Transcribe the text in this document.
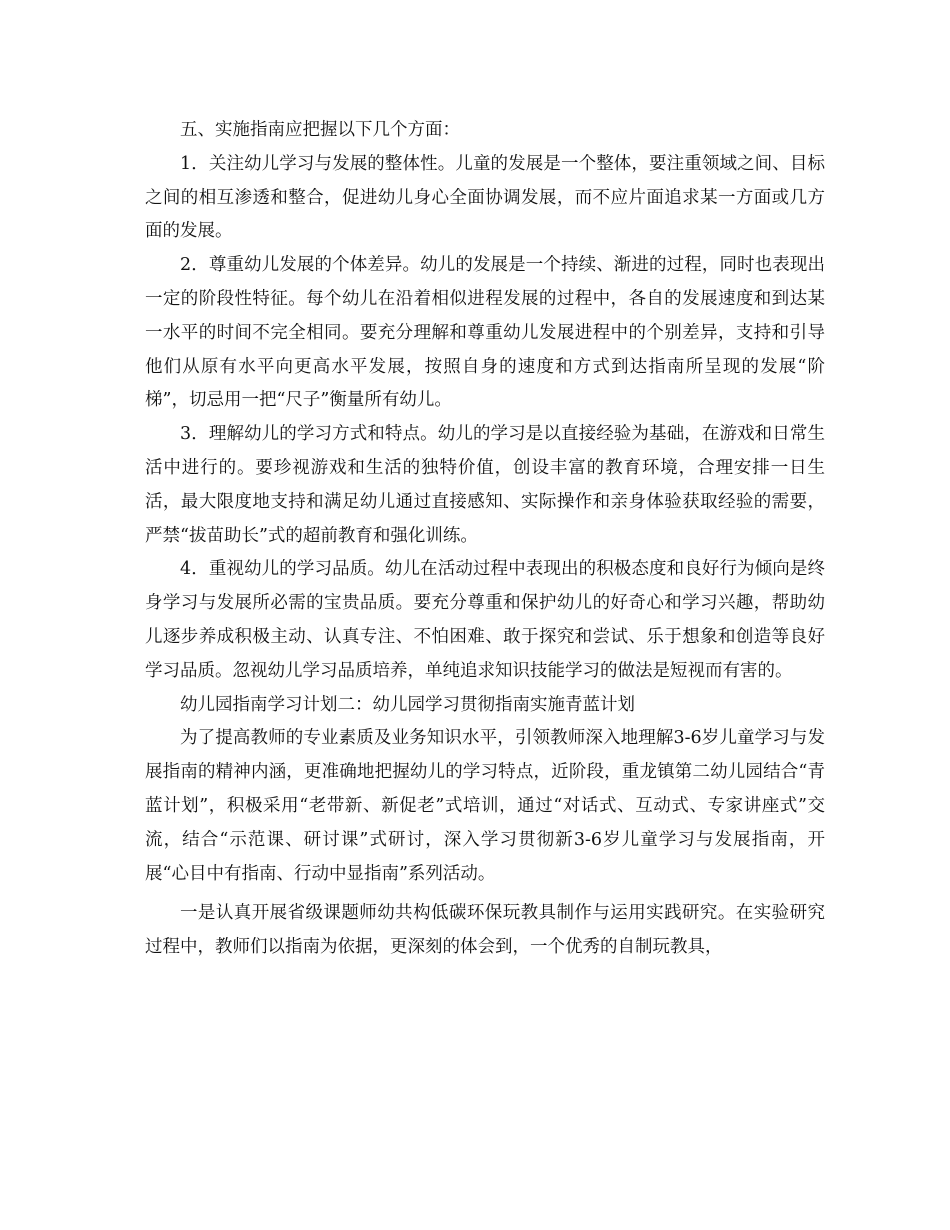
五、实施指南应把握以下几个方面：

1．关注幼儿学习与发展的整体性。儿童的发展是一个整体，要注重领域之间、目标之间的相互渗透和整合，促进幼儿身心全面协调发展，而不应片面追求某一方面或几方面的发展。

2．尊重幼儿发展的个体差异。幼儿的发展是一个持续、渐进的过程，同时也表现出一定的阶段性特征。每个幼儿在沿着相似进程发展的过程中，各自的发展速度和到达某一水平的时间不完全相同。要充分理解和尊重幼儿发展进程中的个别差异，支持和引导他们从原有水平向更高水平发展，按照自身的速度和方式到达指南所呈现的发展“阶梯”，切忌用一把“尺子”衡量所有幼儿。

3．理解幼儿的学习方式和特点。幼儿的学习是以直接经验为基础，在游戏和日常生活中进行的。要珍视游戏和生活的独特价值，创设丰富的教育环境，合理安排一日生活，最大限度地支持和满足幼儿通过直接感知、实际操作和亲身体验获取经验的需要，严禁“拔苗助长”式的超前教育和强化训练。

4．重视幼儿的学习品质。幼儿在活动过程中表现出的积极态度和良好行为倾向是终身学习与发展所必需的宝贵品质。要充分尊重和保护幼儿的好奇心和学习兴趣，帮助幼儿逐步养成积极主动、认真专注、不怕困难、敢于探究和尝试、乐于想象和创造等良好学习品质。忽视幼儿学习品质培养，单纯追求知识技能学习的做法是短视而有害的。

幼儿园指南学习计划二：幼儿园学习贯彻指南实施青蓝计划

为了提高教师的专业素质及业务知识水平，引领教师深入地理解3-6岁儿童学习与发展指南的精神内涵，更准确地把握幼儿的学习特点，近阶段，重龙镇第二幼儿园结合“青蓝计划”，积极采用“老带新、新促老”式培训，通过“对话式、互动式、专家讲座式”交流，结合“示范课、研讨课”式研讨，深入学习贯彻新3-6岁儿童学习与发展指南，开展“心目中有指南、行动中显指南”系列活动。

一是认真开展省级课题师幼共构低碳环保玩教具制作与运用实践研究。在实验研究过程中，教师们以指南为依据，更深刻的体会到，一个优秀的自制玩教具，
